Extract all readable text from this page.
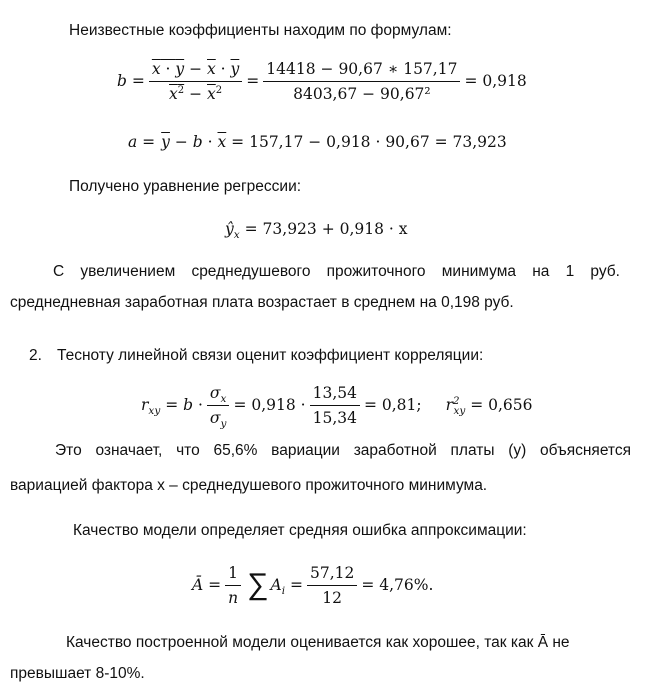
Неизвестные коэффициенты находим по формулам:
$b = \frac{x \cdot y - \overline{x} \cdot \overline{y}}{x^2 - \overline{x}^2} = \frac{14418 - 90,67 ∗ 157,17}{\text{8403,67 − 90,67²}} = 0,918$
$a = \overline{y} - b \cdot \overline{x} = 157,17 - 0,918 \cdot 90,67 = 73,923$
Получено уравнение регрессии:
$ŷ_x$
= 73,923 + 0,918 · x
С увеличением среднедушевого прожиточного минимума на 1 руб.
среднедневная заработная плата возрастает в среднем на 0,198 руб.
2. Тесноту линейной связи оценит коэффициент корреляции:
$r_{xy} = b \cdot \frac{\sigma_x}{\sigma_y} = 0,918 \cdot \frac{13,54}{15,34} = 0,81$; $r^2_{xy}$
= 0,656
Это означает, что 65,6% вариации заработной платы (y) объясняется
вариацией фактора x – среднедушевого прожиточного минимума.
Качество модели определяет средняя ошибка аппроксимации:
Ā = $\frac{1}{n}$ ∑ $A_i = \frac{57,12}{12} = 4,76\%$.
Качество построенной модели оценивается как хорошее, так как Ā не
превышает 8-10%.
